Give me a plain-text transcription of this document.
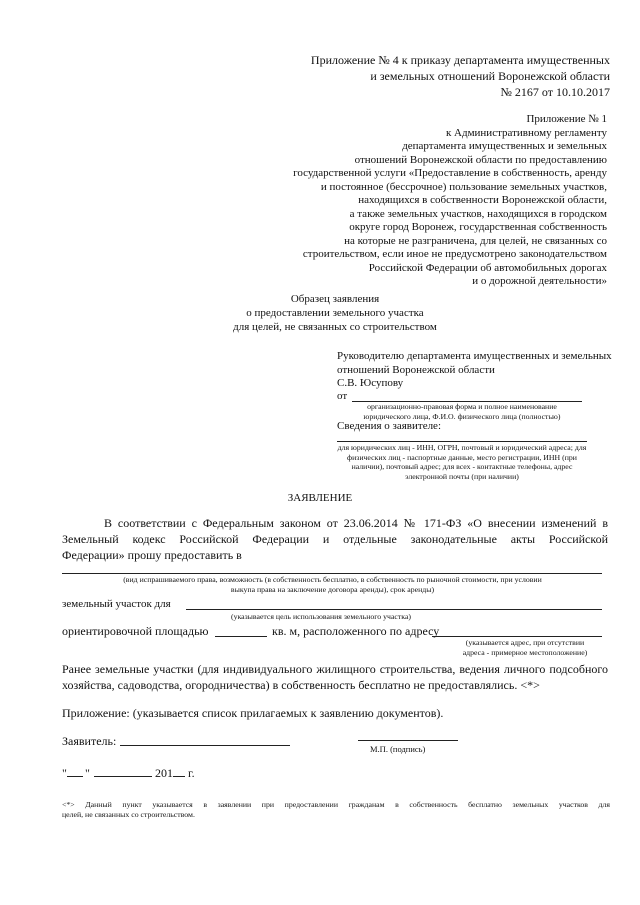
Приложение № 4 к приказу департамента имущественных
и земельных отношений Воронежской области
№ 2167 от 10.10.2017
Приложение № 1
к Административному регламенту
департамента имущественных и земельных
отношений Воронежской области по предоставлению
государственной услуги «Предоставление в собственность, аренду
и постоянное (бессрочное) пользование земельных участков,
находящихся в собственности Воронежской области,
а также земельных участков, находящихся в городском
округе город Воронеж, государственная собственность
на которые не разграничена, для целей, не связанных со
строительством, если иное не предусмотрено законодательством
Российской Федерации об автомобильных дорогах
и о дорожной деятельности»
Образец заявления
о предоставлении земельного участка
для целей, не связанных со строительством
Руководителю департамента имущественных и земельных
отношений Воронежской области
С.В. Юсупову
от
организационно-правовая форма и полное наименование
юридического лица, Ф.И.О. физического лица (полностью)
Сведения о заявителе:
для юридических лиц - ИНН, ОГРН, почтовый и юридический адреса; для
физических лиц - паспортные данные, место регистрации, ИНН (при
наличии), почтовый адрес; для всех - контактные телефоны, адрес
электронной почты (при наличии)
ЗАЯВЛЕНИЕ
В соответствии с Федеральным законом от 23.06.2014 № 171-ФЗ «О внесении изменений в
Земельный кодекс Российской Федерации и отдельные законодательные акты Российской
Федерации» прошу предоставить в
(вид испрашиваемого права, возможность (в собственность бесплатно, в собственность по рыночной стоимости, при условии
выкупа права на заключение договора аренды), срок аренды)
земельный участок для
(указывается цель использования земельного участка)
ориентировочной площадью	кв. м, расположенного по адресу
(указывается адрес, при отсутствии
адреса - примерное местоположение)
Ранее земельные участки (для индивидуального жилищного строительства, ведения личного подсобного
хозяйства, садоводства, огородничества) в собственность бесплатно не предоставлялись. <*>
Приложение: (указывается список прилагаемых к заявлению документов).
Заявитель:
М.П. (подпись)
" "	201 г.
<*> Данный пункт указывается в заявлении при предоставлении гражданам в собственность бесплатно земельных участков для
целей, не связанных со строительством.
